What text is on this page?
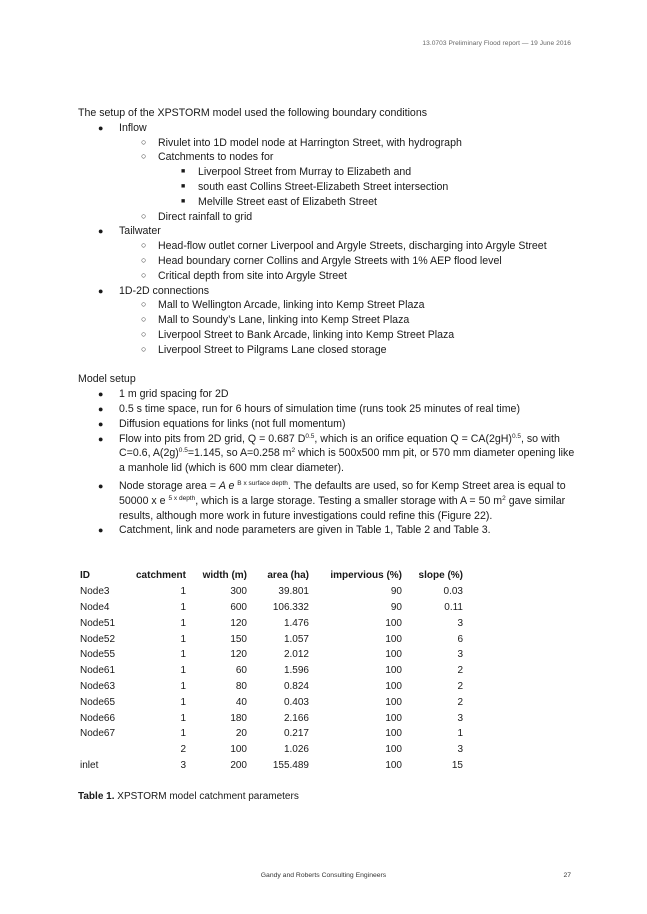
13.0703 Preliminary Flood report — 19 June 2016

The setup of the XPSTORM model used the following boundary conditions

● Inflow
○ Rivulet into 1D model node at Harrington Street, with hydrograph
○ Catchments to nodes for
■ Liverpool Street from Murray to Elizabeth and
■ south east Collins Street-Elizabeth Street intersection
■ Melville Street east of Elizabeth Street
○ Direct rainfall to grid
● Tailwater
○ Head-flow outlet corner Liverpool and Argyle Streets, discharging into Argyle Street
○ Head boundary corner Collins and Argyle Streets with 1% AEP flood level
○ Critical depth from site into Argyle Street
● 1D-2D connections
○ Mall to Wellington Arcade, linking into Kemp Street Plaza
○ Mall to Soundy’s Lane, linking into Kemp Street Plaza
○ Liverpool Street to Bank Arcade, linking into Kemp Street Plaza
○ Liverpool Street to Pilgrams Lane closed storage

Model setup

● 1 m grid spacing for 2D
● 0.5 s time space, run for 6 hours of simulation time (runs took 25 minutes of real time)
● Diffusion equations for links (not full momentum)
● Flow into pits from 2D grid, Q = 0.687 $D^{0.5}$, which is an orifice equation $Q = CA(2gH)^{0.5}$, so with C=0.6, $A(2g)^{0.5}=1.145$, so A=0.258 $m^2$ which is 500x500 mm pit, or 570 mm diameter opening like a manhole lid (which is 600 mm clear diameter).
● Node storage area = A e $^{B x surface depth}$. The defaults are used, so for Kemp Street area is equal to 50000 x e $^{5 x depth}$, which is a large storage. Testing a smaller storage with A = 50 $m^2$ gave similar results, although more work in future investigations could refine this (Figure 22).
● Catchment, link and node parameters are given in Table 1, Table 2 and Table 3.
ID	catchment	width (m)	area (ha)	impervious (%)	slope (%)
Node3	1	300	39.801	90	0.03
Node4	1	600	106.332	90	0.11
Node51	1	120	1.476	100	3
Node52	1	150	1.057	100	6
Node55	1	120	2.012	100	3
Node61	1	60	1.596	100	2
Node63	1	80	0.824	100	2
Node65	1	40	0.403	100	2
Node66	1	180	2.166	100	3
Node67	1	20	0.217	100	1
	2	100	1.026	100	3
inlet	3	200	155.489	100	15
Table 1. XPSTORM model catchment parameters
Gandy and Roberts Consulting Engineers	27
